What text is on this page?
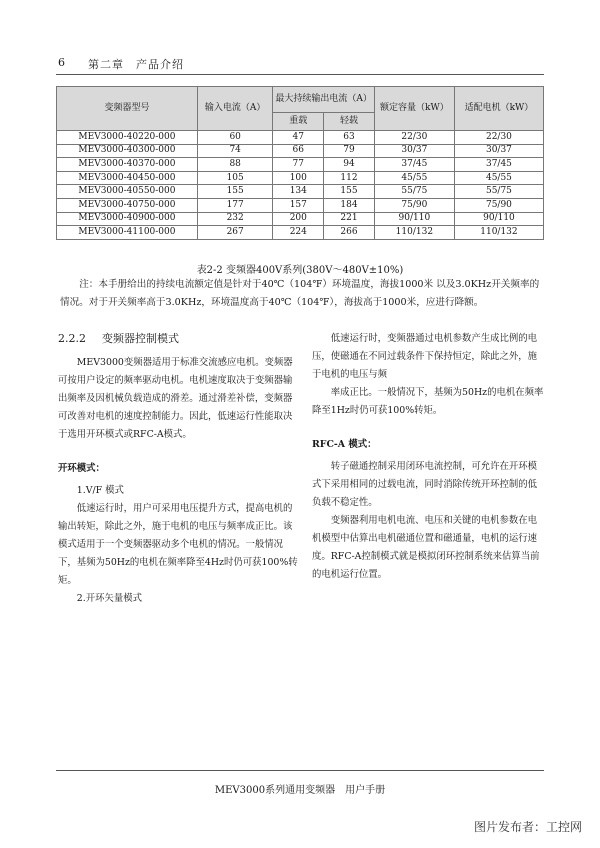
6 第二章　产品介绍
变频器型号	输入电流（A）	最大持续输出电流（A）		额定容量（kW）	适配电机（kW）
		重载	轻载		
MEV3000-40220-000	60	47	63	22/30	22/30
MEV3000-40300-000	74	66	79	30/37	30/37
MEV3000-40370-000	88	77	94	37/45	37/45
MEV3000-40450-000	105	100	112	45/55	45/55
MEV3000-40550-000	155	134	155	55/75	55/75
MEV3000-40750-000	177	157	184	75/90	75/90
MEV3000-40900-000	232	200	221	90/110	90/110
MEV3000-41100-000	267	224	266	110/132	110/132
表2-2 变频器400V系列(380V～480V±10%)
注：本手册给出的持续电流额定值是针对于40℃（104℉）环境温度，海拔1000米 以及3.0KHz开关频率的情况。对于开关频率高于3.0KHz，环境温度高于40℃（104℉），海拔高于1000米，应进行降额。
2.2.2 变频器控制模式

MEV3000变频器适用于标准交流感应电机。变频器可按用户设定的频率驱动电机。电机速度取决于变频器输出频率及因机械负载造成的滑差。通过滑差补偿，变频器可改善对电机的速度控制能力。因此，低速运行性能取决于选用开环模式或RFC-A模式。

开环模式：

1.V/F 模式

低速运行时，用户可采用电压提升方式，提高电机的输出转矩，除此之外，施于电机的电压与频率成正比。该模式适用于一个变频器驱动多个电机的情况。一般情况下，基频为50Hz的电机在频率降至4Hz时仍可获100%转矩。

2.开环矢量模式

低速运行时，变频器通过电机参数产生成比例的电压，使磁通在不同过载条件下保持恒定，除此之外，施于电机的电压与频

率成正比。一般情况下，基频为50Hz的电机在频率降至1Hz时仍可获100%转矩。

RFC-A 模式：

转子磁通控制采用闭环电流控制，可允许在开环模式下采用相同的过载电流，同时消除传统开环控制的低负载不稳定性。

变频器利用电机电流、电压和关键的电机参数在电机模型中估算出电机磁通位置和磁通量，电机的运行速度。RFC-A控制模式就是模拟闭环控制系统来估算当前的电机运行位置。

MEV3000系列通用变频器　用户手册
图片发布者：工控网
